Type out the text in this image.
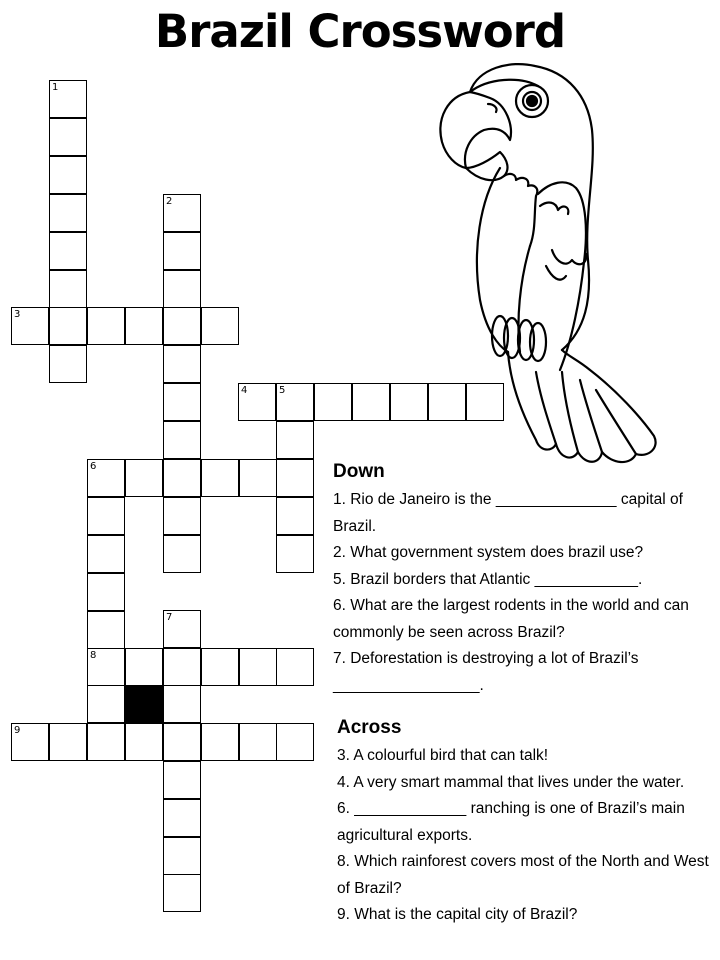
Brazil Crossword
1
3
2
4	5
6
7
8
9
Down
1. Rio de Janeiro is the ______________ capital of Brazil.
2. What government system does brazil use?
5. Brazil borders that Atlantic ____________.
6. What are the largest rodents in the world and can commonly be seen across Brazil?
7. Deforestation is destroying a lot of Brazil’s _________________.
Across
3. A colourful bird that can talk!
4. A very smart mammal that lives under the water.
6. _____________ ranching is one of Brazil’s main agricultural exports.
8. Which rainforest covers most of the North and West of Brazil?
9. What is the capital city of Brazil?
